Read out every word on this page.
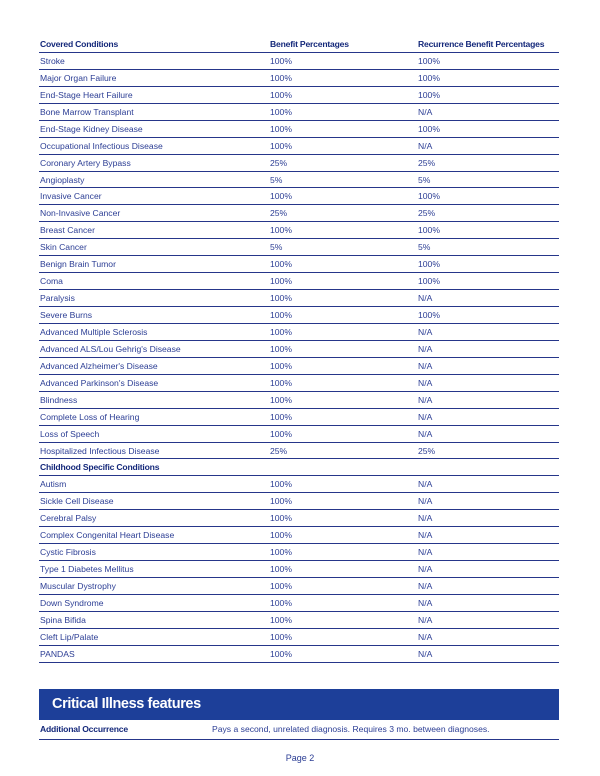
Covered Conditions	Benefit Percentages	Recurrence Benefit Percentages
Stroke	100%	100%
Major Organ Failure	100%	100%
End-Stage Heart Failure	100%	100%
Bone Marrow Transplant	100%	N/A
End-Stage Kidney Disease	100%	100%
Occupational Infectious Disease	100%	N/A
Coronary Artery Bypass	25%	25%
Angioplasty	5%	5%
Invasive Cancer	100%	100%
Non-Invasive Cancer	25%	25%
Breast Cancer	100%	100%
Skin Cancer	5%	5%
Benign Brain Tumor	100%	100%
Coma	100%	100%
Paralysis	100%	N/A
Severe Burns	100%	100%
Advanced Multiple Sclerosis	100%	N/A
Advanced ALS/Lou Gehrig's Disease	100%	N/A
Advanced Alzheimer's Disease	100%	N/A
Advanced Parkinson's Disease	100%	N/A
Blindness	100%	N/A
Complete Loss of Hearing	100%	N/A
Loss of Speech	100%	N/A
Hospitalized Infectious Disease	25%	25%
Childhood Specific Conditions
Autism	100%	N/A
Sickle Cell Disease	100%	N/A
Cerebral Palsy	100%	N/A
Complex Congenital Heart Disease	100%	N/A
Cystic Fibrosis	100%	N/A
Type 1 Diabetes Mellitus	100%	N/A
Muscular Dystrophy	100%	N/A
Down Syndrome	100%	N/A
Spina Bifida	100%	N/A
Cleft Lip/Palate	100%	N/A
PANDAS	100%	N/A
Critical Illness features
Additional Occurrence	Pays a second, unrelated diagnosis. Requires 3 mo. between diagnoses.
Page 2
